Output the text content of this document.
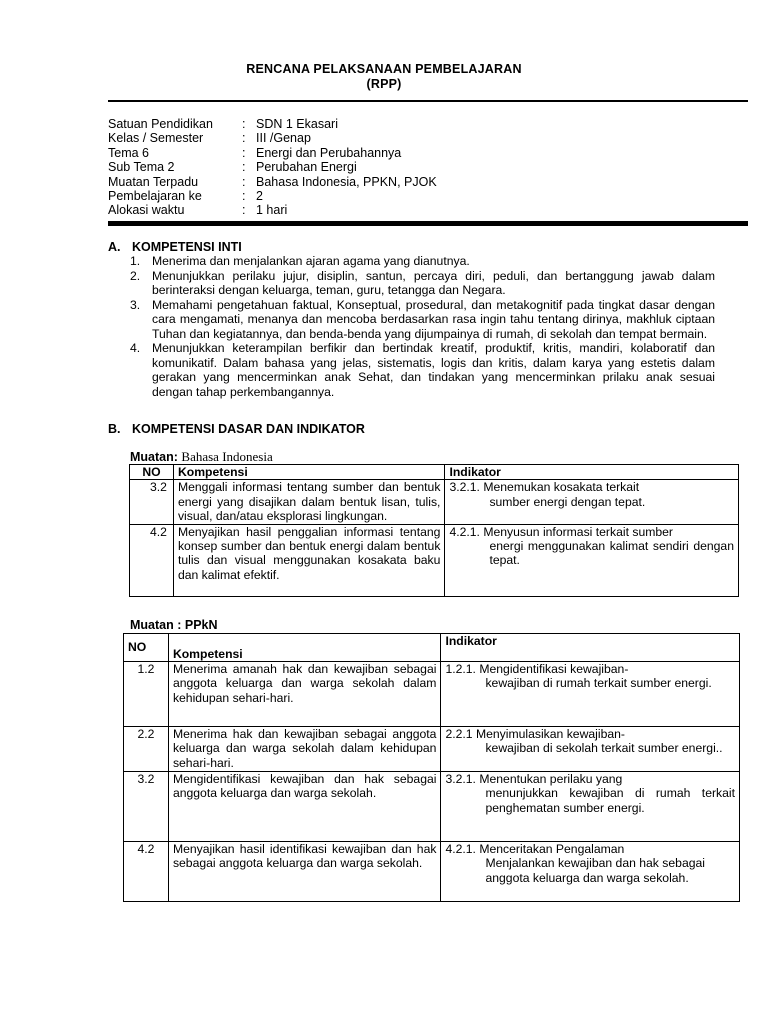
RENCANA PELAKSANAAN PEMBELAJARAN
(RPP)
Satuan Pendidikan	:	SDN 1 Ekasari
Kelas / Semester	:	III /Genap
Tema 6	:	Energi dan Perubahannya
Sub Tema 2	:	Perubahan Energi
Muatan Terpadu	:	Bahasa Indonesia, PPKN, PJOK
Pembelajaran ke	:	2
Alokasi waktu	:	1 hari
A. KOMPETENSI INTI
1. Menerima dan menjalankan ajaran agama yang dianutnya.
2. Menunjukkan perilaku jujur, disiplin, santun, percaya diri, peduli, dan bertanggung jawab dalam berinteraksi dengan keluarga, teman, guru, tetangga dan Negara.
3. Memahami pengetahuan faktual, Konseptual, prosedural, dan metakognitif pada tingkat dasar dengan cara mengamati, menanya dan mencoba berdasarkan rasa ingin tahu tentang dirinya, makhluk ciptaan Tuhan dan kegiatannya, dan benda-benda yang dijumpainya di rumah, di sekolah dan tempat bermain.
4. Menunjukkan keterampilan berfikir dan bertindak kreatif, produktif, kritis, mandiri, kolaboratif dan komunikatif. Dalam bahasa yang jelas, sistematis, logis dan kritis, dalam karya yang estetis dalam gerakan yang mencerminkan anak Sehat, dan tindakan yang mencerminkan prilaku anak sesuai dengan tahap perkembangannya.
B. KOMPETENSI DASAR DAN INDIKATOR
Muatan: Bahasa Indonesia
NO	Kompetensi	Indikator
3.2	Menggali informasi tentang sumber dan bentuk energi yang disajikan dalam bentuk lisan, tulis, visual, dan/atau eksplorasi lingkungan.	3.2.1. Menemukan kosakata terkait
sumber energi dengan tepat.

4.2	Menyajikan hasil penggalian informasi tentang konsep sumber dan bentuk energi dalam bentuk tulis dan visual menggunakan kosakata baku dan kalimat efektif.	4.2.1. Menyusun informasi terkait sumber
energi menggunakan kalimat sendiri dengan tepat.
Muatan : PPkN
NO	Kompetensi	Indikator
1.2	Menerima amanah hak dan kewajiban sebagai anggota keluarga dan warga sekolah dalam kehidupan sehari-hari.	1.2.1. Mengidentifikasi kewajiban-
kewajiban di rumah terkait sumber energi.

2.2	Menerima hak dan kewajiban sebagai anggota keluarga dan warga sekolah dalam kehidupan sehari-hari.	2.2.1 Menyimulasikan kewajiban-
kewajiban di sekolah terkait sumber energi..

3.2	Mengidentifikasi kewajiban dan hak sebagai anggota keluarga dan warga sekolah.	3.2.1. Menentukan perilaku yang
menunjukkan kewajiban di rumah terkait penghematan sumber energi.

4.2	Menyajikan hasil identifikasi kewajiban dan hak sebagai anggota keluarga dan warga sekolah.	4.2.1. Menceritakan Pengalaman
Menjalankan kewajiban dan hak sebagai anggota keluarga dan warga sekolah.
